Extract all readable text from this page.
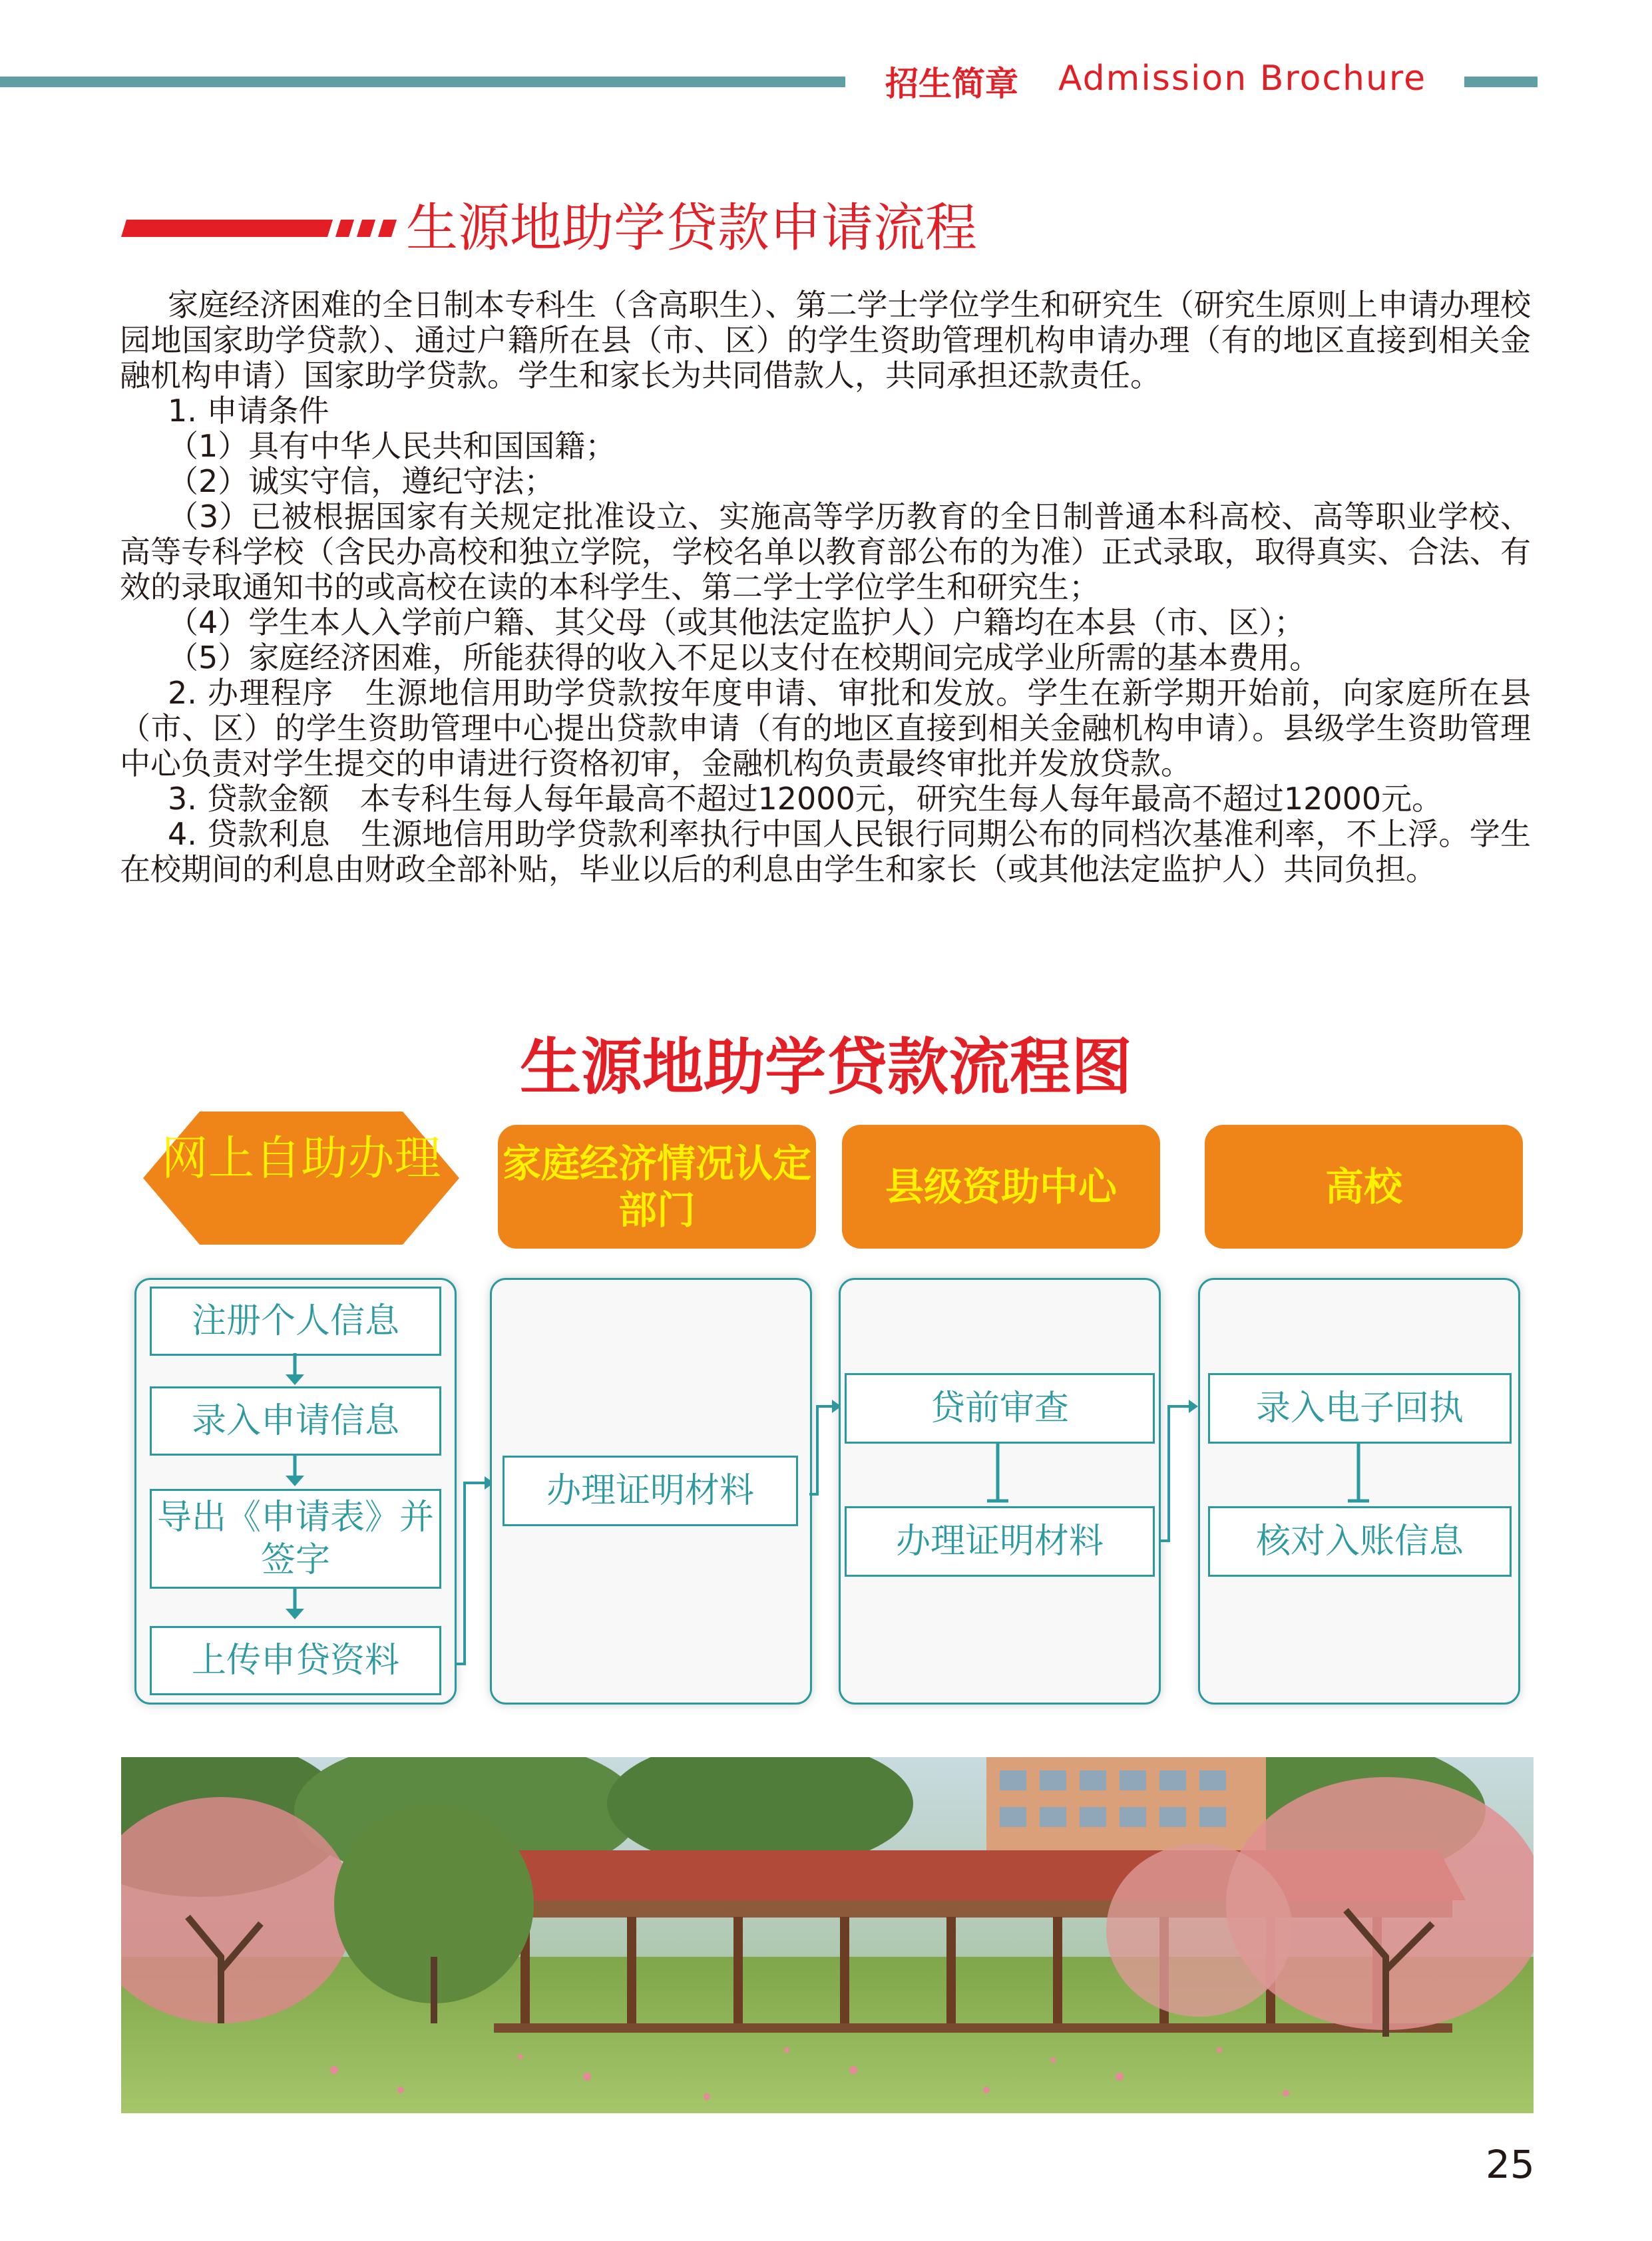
招生简章 Admission Brochure
生源地助学贷款申请流程

家庭经济困难的全日制本专科生（含高职生）、第二学士学位学生和研究生（研究生原则上申请办理校园地国家助学贷款）、通过户籍所在县（市、区）的学生资助管理机构申请办理（有的地区直接到相关金融机构申请）国家助学贷款。学生和家长为共同借款人，共同承担还款责任。

1. 申请条件

（1）具有中华人民共和国国籍；

（2）诚实守信，遵纪守法；

（3）已被根据国家有关规定批准设立、实施高等学历教育的全日制普通本科高校、高等职业学校、高等专科学校（含民办高校和独立学院，学校名单以教育部公布的为准）正式录取，取得真实、合法、有效的录取通知书的或高校在读的本科学生、第二学士学位学生和研究生；

（4）学生本人入学前户籍、其父母（或其他法定监护人）户籍均在本县（市、区）；

（5）家庭经济困难，所能获得的收入不足以支付在校期间完成学业所需的基本费用。

2. 办理程序　生源地信用助学贷款按年度申请、审批和发放。学生在新学期开始前，向家庭所在县（市、区）的学生资助管理中心提出贷款申请（有的地区直接到相关金融机构申请）。县级学生资助管理中心负责对学生提交的申请进行资格初审，金融机构负责最终审批并发放贷款。

3. 贷款金额　本专科生每人每年最高不超过12000元，研究生每人每年最高不超过12000元。

4. 贷款利息　生源地信用助学贷款利率执行中国人民银行同期公布的同档次基准利率，不上浮。学生在校期间的利息由财政全部补贴，毕业以后的利息由学生和家长（或其他法定监护人）共同负担。

生源地助学贷款流程图
网上自助办理	家庭经济情况认定部门
县级资助中心	高校
注册个人信息
录入申请信息
导出《申请表》并签字
上传申贷资料
办理证明材料
贷前审查
办理证明材料
录入电子回执
核对入账信息
25
